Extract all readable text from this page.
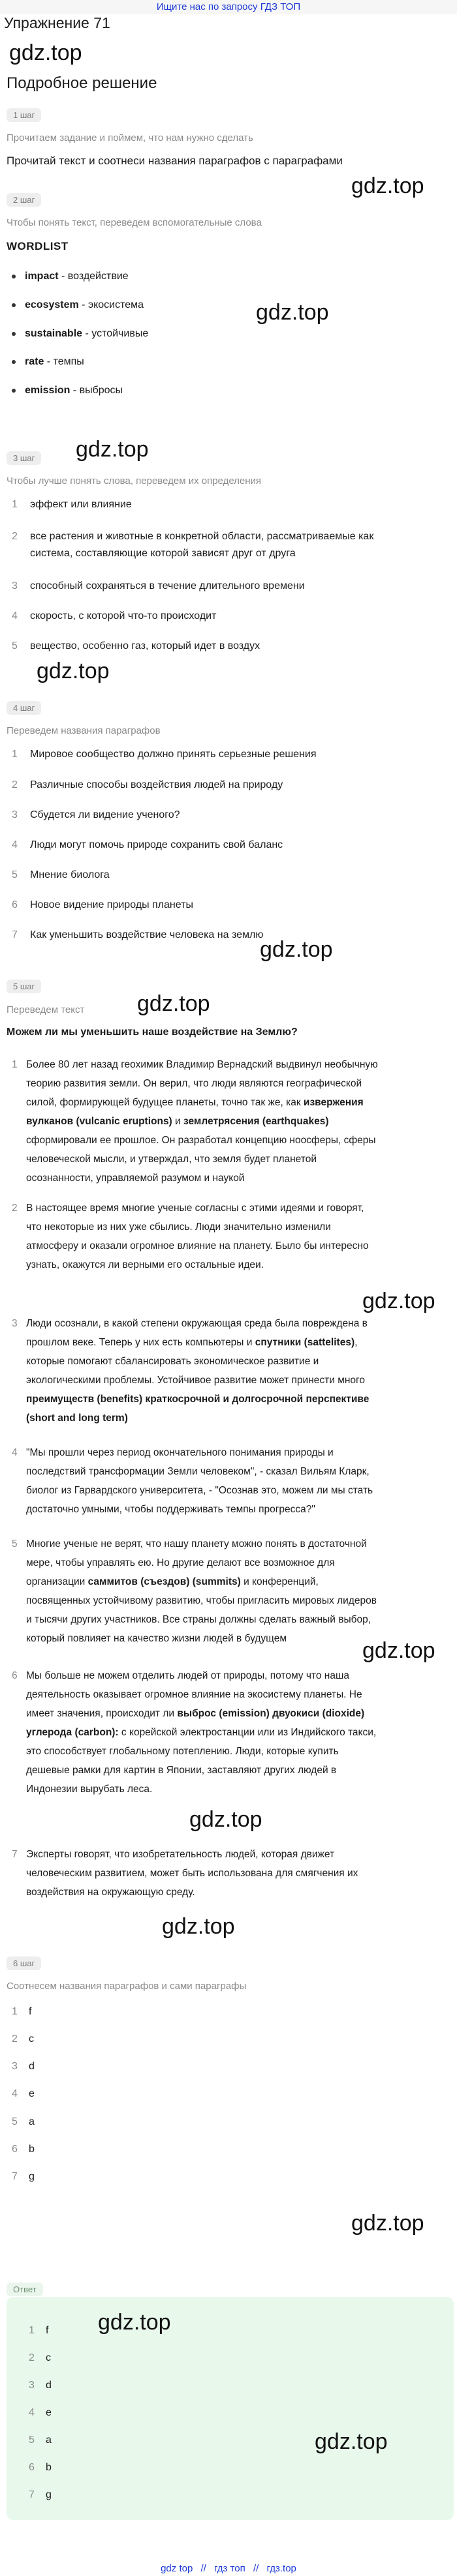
Ищите нас по запросу ГДЗ ТОП
Упражнение 71
gdz.top
Подробное решение
1 шаг
Прочитаем задание и поймем, что нам нужно сделать
Прочитай текст и соотнеси названия параграфов с параграфами
gdz.top
2 шаг
Чтобы понять текст, переведем вспомогательные слова
WORDLIST
impact - воздействие
ecosystem - экосистема
sustainable - устойчивые
rate - темпы
emission - выбросы
gdz.top
gdz.top
3 шаг
Чтобы лучше понять слова, переведем их определения
1 эффект или влияние
2 все растения и животные в конкретной области, рассматриваемые как
система, составляющие которой зависят друг от друга
3 способный сохраняться в течение длительного времени
4 скорость, с которой что-то происходит
5 вещество, особенно газ, который идет в воздух
gdz.top
4 шаг
Переведем названия параграфов
1 Мировое сообщество должно принять серьезные решения
2 Различные способы воздействия людей на природу
3 Сбудется ли видение ученого?
4 Люди могут помочь природе сохранить свой баланс
5 Мнение биолога
6 Новое видение природы планеты
7 Как уменьшить воздействие человека на землю
gdz.top
5 шаг
gdz.top
Переведем текст
Можем ли мы уменьшить наше воздействие на Землю?
1 Более 80 лет назад геохимик Владимир Вернадский выдвинул необычную
теорию развития земли. Он верил, что люди являются географической
силой, формирующей будущее планеты, точно так же, как извержения
вулканов (vulcanic eruptions) и землетрясения (earthquakes)
сформировали ее прошлое. Он разработал концепцию ноосферы, сферы
человеческой мысли, и утверждал, что земля будет планетой
осознанности, управляемой разумом и наукой
2 В настоящее время многие ученые согласны с этими идеями и говорят,
что некоторые из них уже сбылись. Люди значительно изменили
атмосферу и оказали огромное влияние на планету. Было бы интересно
узнать, окажутся ли верными его остальные идеи.
gdz.top
3 Люди осознали, в какой степени окружающая среда была повреждена в
прошлом веке. Теперь у них есть компьютеры и спутники (sattelites),
которые помогают сбалансировать экономическое развитие и
экологическими проблемы. Устойчивое развитие может принести много
преимуществ (benefits) краткосрочной и долгосрочной перспективе
(short and long term)
4 "Мы прошли через период окончательного понимания природы и
последствий трансформации Земли человеком", - сказал Вильям Кларк,
биолог из Гарвардского университета, - "Осознав это, можем ли мы стать
достаточно умными, чтобы поддерживать темпы прогресса?"
5 Многие ученые не верят, что нашу планету можно понять в достаточной
мере, чтобы управлять ею. Но другие делают все возможное для
организации саммитов (съездов) (summits) и конференций,
посвященных устойчивому развитию, чтобы пригласить мировых лидеров
и тысячи других участников. Все страны должны сделать важный выбор,
который повлияет на качество жизни людей в будущем	gdz.top
6 Мы больше не можем отделить людей от природы, потому что наша
деятельность оказывает огромное влияние на экосистему планеты. Не
имеет значения, происходит ли выброс (emission) двуокиси (dioxide)
углерода (carbon): с корейской электростанции или из Индийского такси,
это способствует глобальному потеплению. Люди, которые купить
дешевые рамки для картин в Японии, заставляют других людей в
Индонезии вырубать леса.
gdz.top
7 Эксперты говорят, что изобретательность людей, которая движет
человеческим развитием, может быть использована для смягчения их
воздействия на окружающую среду.
gdz.top
6 шаг
Соотнесем названия параграфов и сами параграфы
1 f
2 c
3 d
4 e
5 a
6 b
7 g
gdz.top
Ответ
gdz.top
1 f
2 c
3 d
4 e
5 a
6 b
7 g
gdz.top
gdz top // гдз топ // гдз.top
